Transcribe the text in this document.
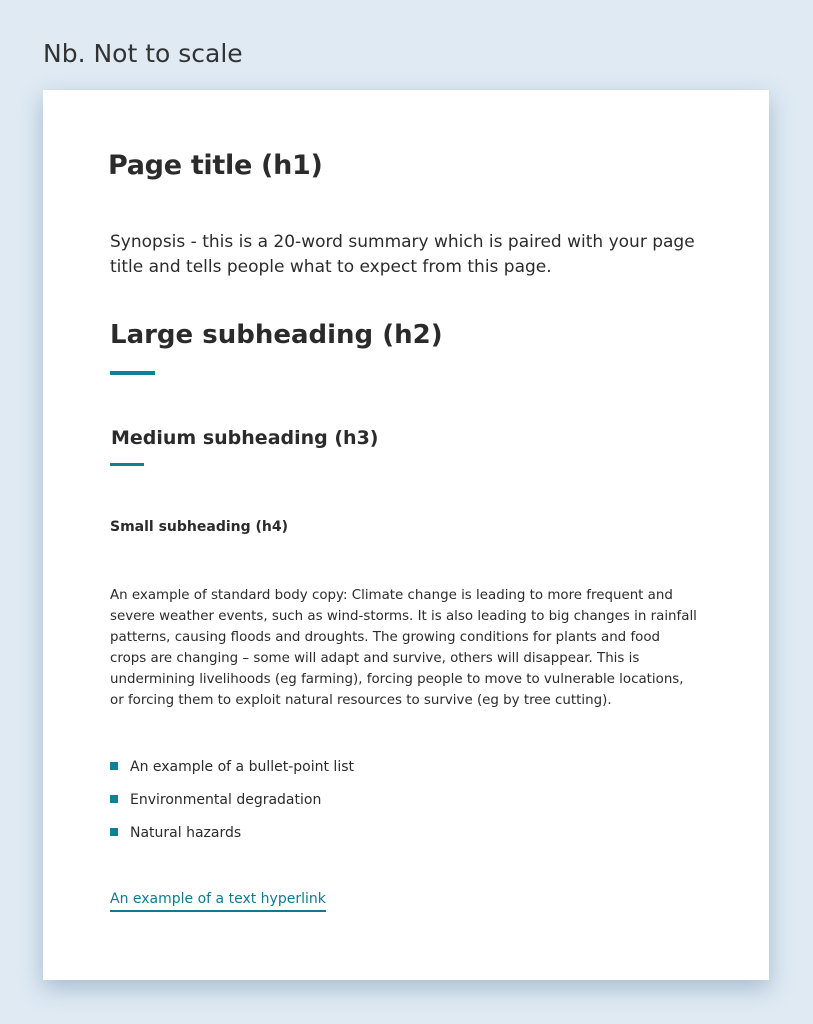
Nb. Not to scale
Page title (h1)
Synopsis - this is a 20-word summary which is paired with your page title and tells people what to expect from this page.
Large subheading (h2)
Medium subheading (h3)
Small subheading (h4)
An example of standard body copy: Climate change is leading to more frequent and severe weather events, such as wind-storms. It is also leading to big changes in rainfall patterns, causing floods and droughts. The growing conditions for plants and food crops are changing – some will adapt and survive, others will disappear. This is undermining livelihoods (eg farming), forcing people to move to vulnerable locations, or forcing them to exploit natural resources to survive (eg by tree cutting).
An example of a bullet-point list
Environmental degradation
Natural hazards
An example of a text hyperlink
